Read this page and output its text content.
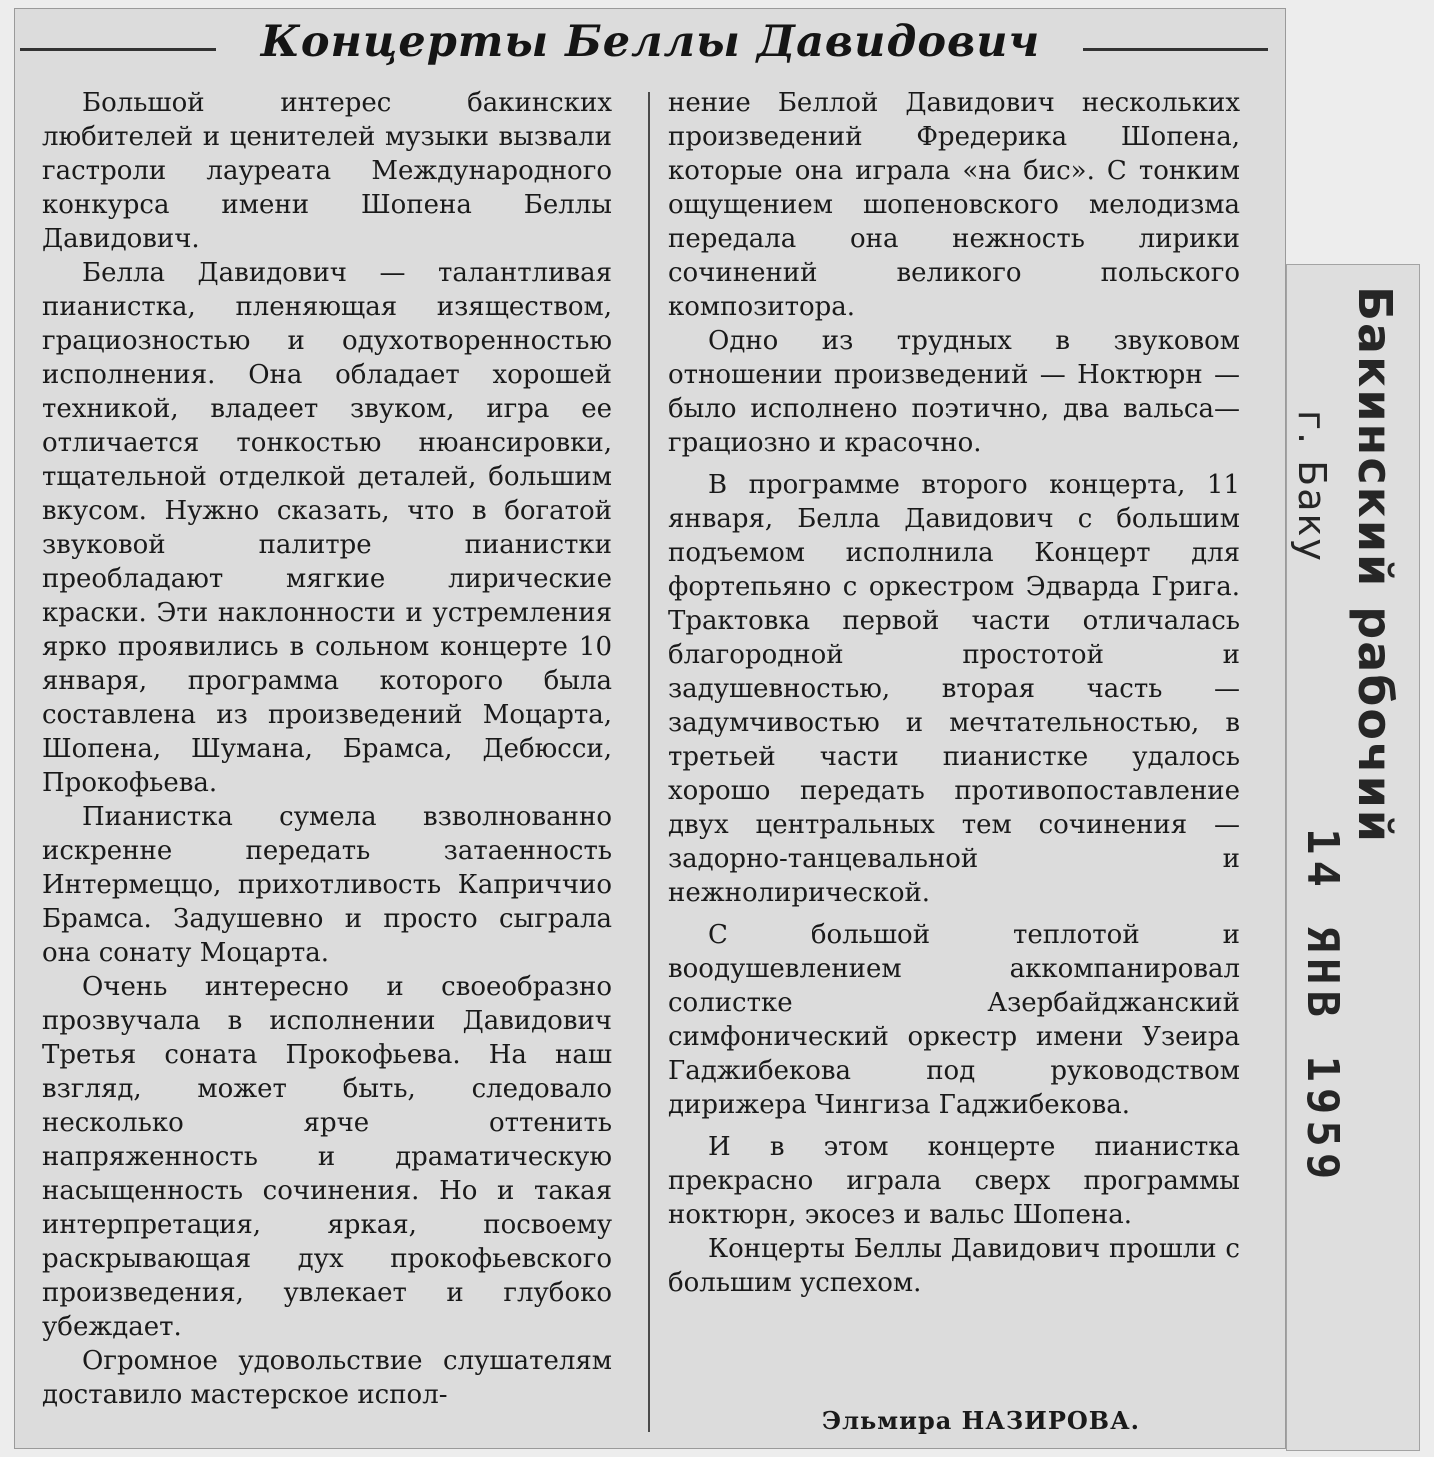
Концерты Беллы Давидович

Большой интерес бакинских любителей и ценителей музыки вызвали гастроли лауреата Международного конкурса имени Шопена Беллы Давидович.

Белла Давидович — талантливая пианистка, пленяющая изяществом, грациозностью и одухотворенностью исполнения. Она обладает хорошей техникой, владеет звуком, игра ее отличается тонкостью нюансировки, тщательной отделкой деталей, большим вкусом. Нужно сказать, что в богатой звуковой палитре пианистки преобладают мягкие лирические краски. Эти наклонности и устремления ярко проявились в сольном концерте 10 января, программа которого была составлена из произведений Моцарта, Шопена, Шумана, Брамса, Дебюсси, Прокофьева.

Пианистка сумела взволнованно искренне передать затаенность Интермеццо, прихотливость Каприччио Брамса. Задушевно и просто сыграла она сонату Моцарта.

Очень интересно и своеобразно прозвучала в исполнении Давидович Третья соната Прокофьева. На наш взгляд, может быть, следовало несколько ярче оттенить напряженность и драматическую насыщенность сочинения. Но и такая интерпретация, яркая, посвоему раскрывающая дух прокофьевского произведения, увлекает и глубоко убеждает.

Огромное удовольствие слушателям доставило мастерское испол-

нение Беллой Давидович нескольких произведений Фредерика Шопена, которые она играла «на бис». С тонким ощущением шопеновского мелодизма передала она нежность лирики сочинений великого польского композитора.

Одно из трудных в звуковом отношении произведений — Ноктюрн — было исполнено поэтично, два вальса—грациозно и красочно.

В программе второго концерта, 11 января, Белла Давидович с большим подъемом исполнила Концерт для фортепьяно с оркестром Эдварда Грига. Трактовка первой части отличалась благородной простотой и задушевностью, вторая часть — задумчивостью и мечтательностью, в третьей части пианистке удалось хорошо передать противопоставление двух центральных тем сочинения — задорно-танцевальной и нежнолирической.

С большой теплотой и воодушевлением аккомпанировал солистке Азербайджанский симфонический оркестр имени Узеира Гаджибекова под руководством дирижера Чингиза Гаджибекова.

И в этом концерте пианистка прекрасно играла сверх программы ноктюрн, экосез и вальс Шопена.

Концерты Беллы Давидович прошли с большим успехом.

Эльмира НАЗИРОВА.
Бакинский рабочий
г. Баку
14 ЯНВ 1959
